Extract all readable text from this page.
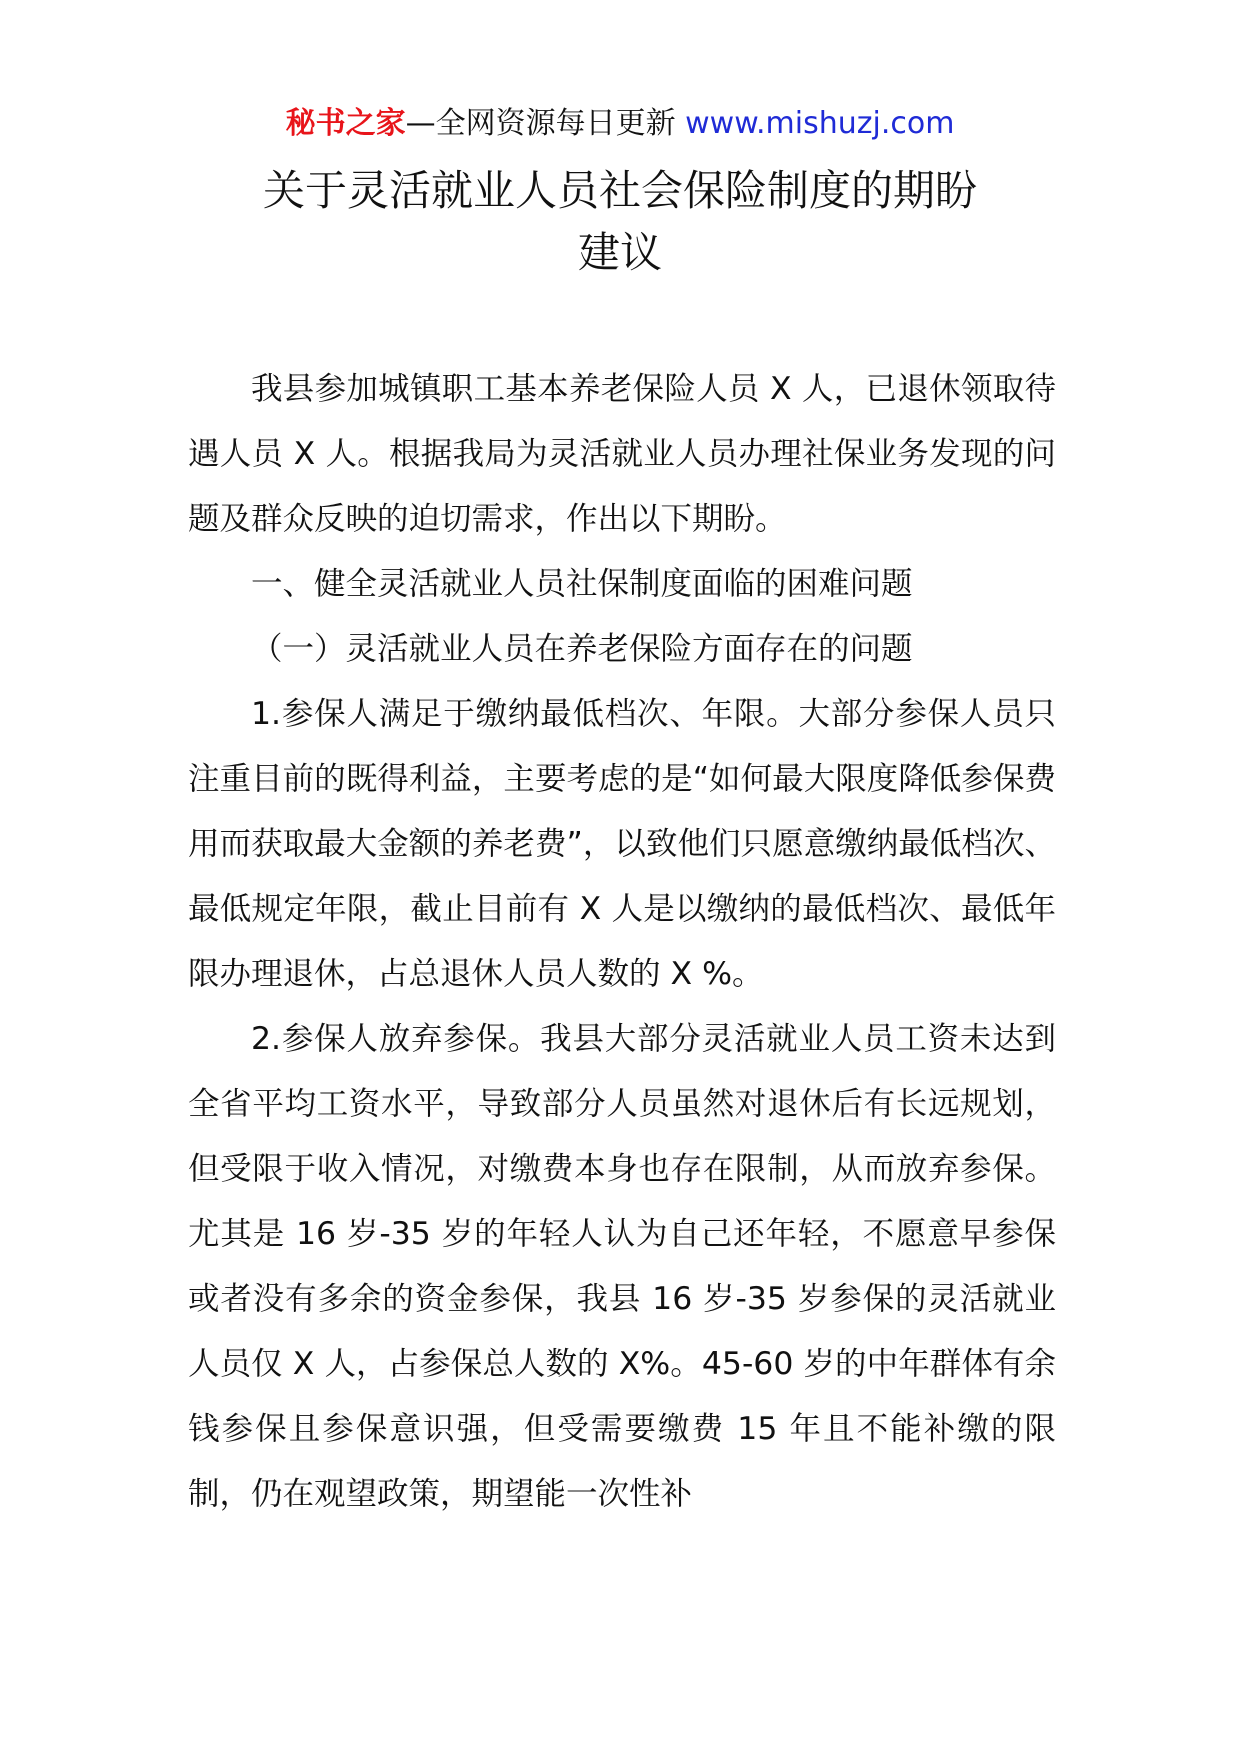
秘书之家—全网资源每日更新 www.mishuzj.com
关于灵活就业人员社会保险制度的期盼
建议

我县参加城镇职工基本养老保险人员 X 人，已退休领取待遇人员 X 人。根据我局为灵活就业人员办理社保业务发现的问题及群众反映的迫切需求，作出以下期盼。

一、健全灵活就业人员社保制度面临的困难问题

（一）灵活就业人员在养老保险方面存在的问题

1.参保人满足于缴纳最低档次、年限。大部分参保人员只注重目前的既得利益，主要考虑的是“如何最大限度降低参保费用而获取最大金额的养老费”，以致他们只愿意缴纳最低档次、最低规定年限，截止目前有 X 人是以缴纳的最低档次、最低年限办理退休，占总退休人员人数的 X %。

2.参保人放弃参保。我县大部分灵活就业人员工资未达到全省平均工资水平，导致部分人员虽然对退休后有长远规划，但受限于收入情况，对缴费本身也存在限制，从而放弃参保。尤其是 16 岁-35 岁的年轻人认为自己还年轻，不愿意早参保或者没有多余的资金参保，我县 16 岁-35 岁参保的灵活就业人员仅 X 人，占参保总人数的 X%。45-60 岁的中年群体有余钱参保且参保意识强，但受需要缴费 15 年且不能补缴的限制，仍在观望政策，期望能一次性补
